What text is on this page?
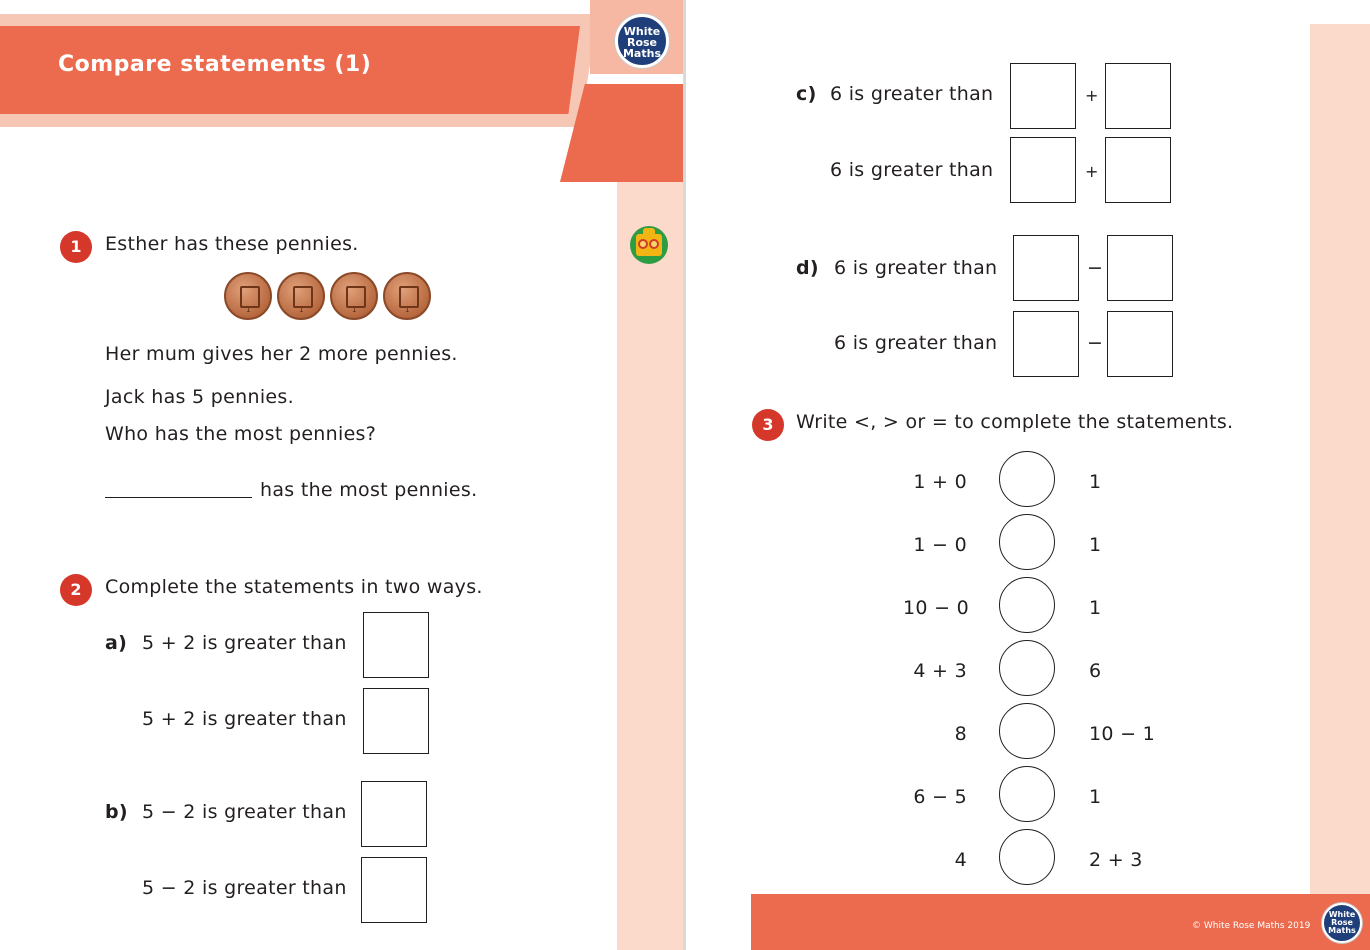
Compare statements (1)
White
Rose
Maths
1	Esther has these pennies.
1	1	1	1
Her mum gives her 2 more pennies.
Jack has 5 pennies.
Who has the most pennies?
has the most pennies.
2	Complete the statements in two ways.
a) 5 + 2 is greater than
5 + 2 is greater than
b) 5 − 2 is greater than
5 − 2 is greater than
c) 6 is greater than	+
6 is greater than	+
d) 6 is greater than	−
6 is greater than	−
3	Write <, > or = to complete the statements.
1 + 0	1
1 − 0	1
10 − 0	1
4 + 3	6
8	10 − 1
6 − 5	1
4	2 + 3
© White Rose Maths 2019
White
Rose
Maths
